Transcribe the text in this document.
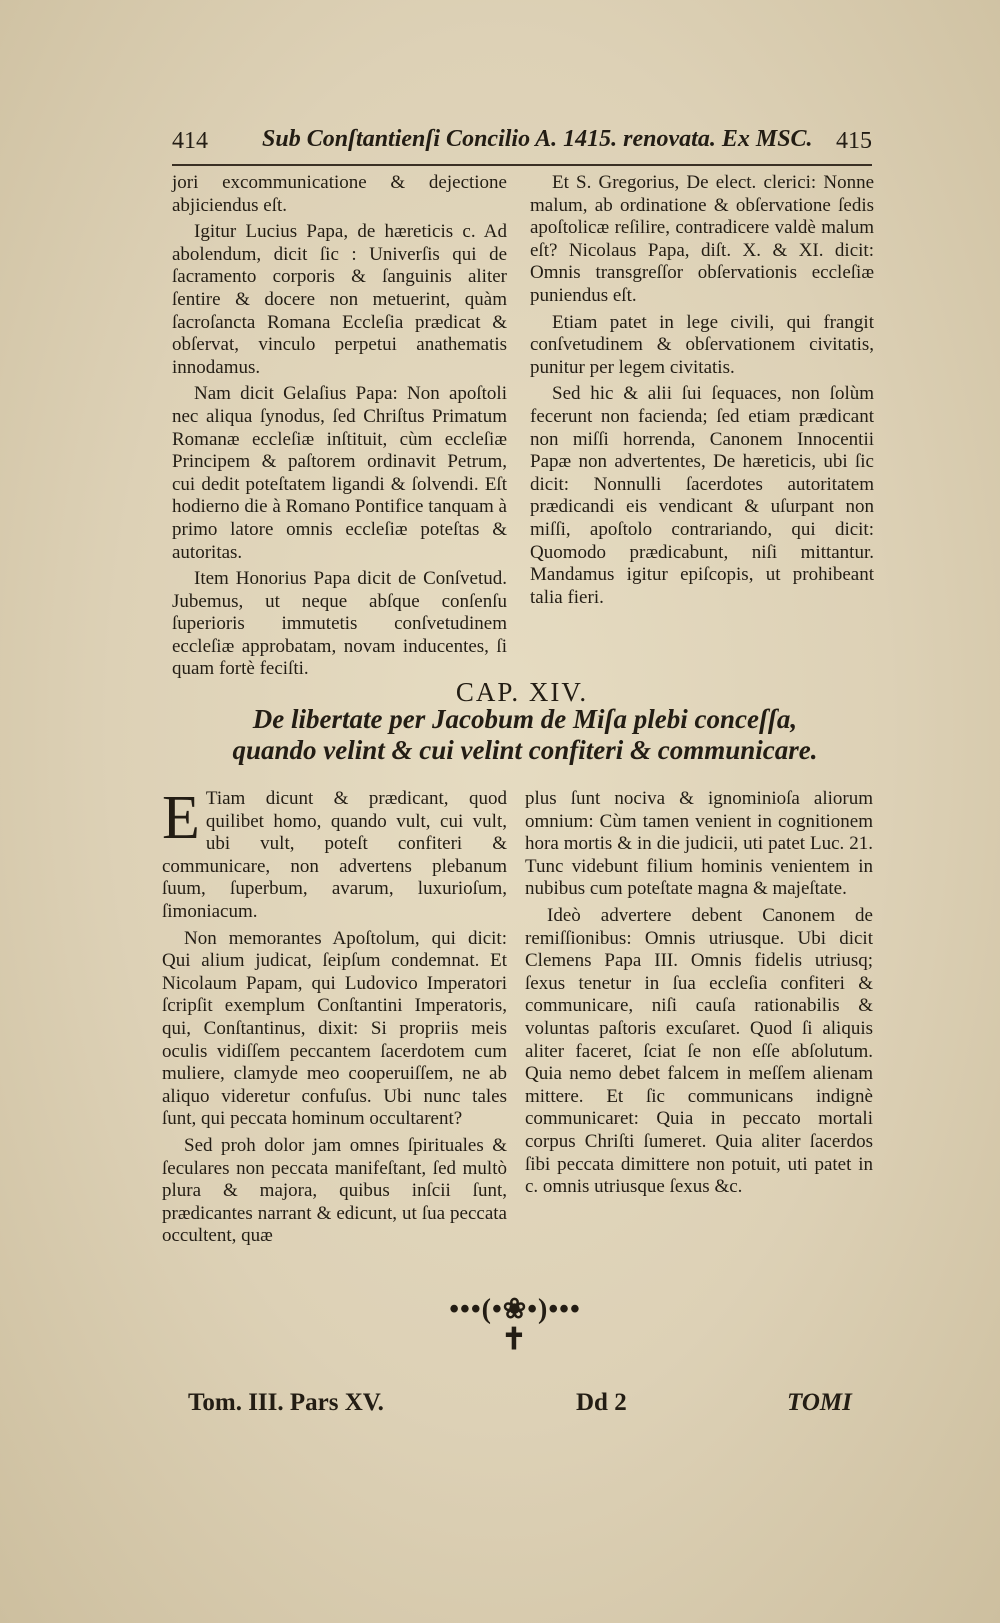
414 Sub Conſtantienſi Concilio A. 1415. renovata. Ex MSC. 415

jori excommunicatione & dejectione abjiciendus eſt.

Igitur Lucius Papa, de hæreticis c. Ad abolendum, dicit ſic : Univerſis qui de ſacramento corporis & ſanguinis aliter ſentire & docere non metuerint, quàm ſacroſancta Romana Eccleſia prædicat & obſervat, vinculo perpetui anathematis innodamus.

Nam dicit Gelaſius Papa: Non apoſtoli nec aliqua ſynodus, ſed Chriſtus Primatum Romanæ eccleſiæ inſtituit, cùm eccleſiæ Principem & paſtorem ordinavit Petrum, cui dedit poteſtatem ligandi & ſolvendi. Eſt hodierno die à Romano Pontifice tanquam à primo latore omnis eccleſiæ poteſtas & autoritas.

Item Honorius Papa dicit de Conſvetud. Jubemus, ut neque abſque conſenſu ſuperioris immutetis conſvetudinem eccleſiæ approbatam, novam inducentes, ſi quam fortè feciſti.

Et S. Gregorius, De elect. clerici: Nonne malum, ab ordinatione & obſervatione ſedis apoſtolicæ reſilire, contradicere valdè malum eſt? Nicolaus Papa, diſt. X. & XI. dicit: Omnis transgreſſor obſervationis eccleſiæ puniendus eſt.

Etiam patet in lege civili, qui frangit conſvetudinem & obſervationem civitatis, punitur per legem civitatis.

Sed hic & alii ſui ſequaces, non ſolùm fecerunt non facienda; ſed etiam prædicant non miſſi horrenda, Canonem Innocentii Papæ non advertentes, De hæreticis, ubi ſic dicit: Nonnulli ſacerdotes autoritatem prædicandi eis vendicant & uſurpant non miſſi, apoſtolo contrariando, qui dicit: Quomodo prædicabunt, niſi mittantur. Mandamus igitur epiſcopis, ut prohibeant talia fieri.

CAP. XIV.
De libertate per Jacobum de Miſa plebi conceſſa, quando velint & cui velint confiteri & communicare.
E Tiam dicunt & prædicant, quod quilibet homo, quando vult, cui vult, ubi vult, poteſt confiteri & communicare, non advertens plebanum ſuum, ſuperbum, avarum, luxurioſum, ſimoniacum.

Non memorantes Apoſtolum, qui dicit: Qui alium judicat, ſeipſum condemnat. Et Nicolaum Papam, qui Ludovico Imperatori ſcripſit exemplum Conſtantini Imperatoris, qui, Conſtantinus, dixit: Si propriis meis oculis vidiſſem peccantem ſacerdotem cum muliere, clamyde meo cooperuiſſem, ne ab aliquo videretur confuſus. Ubi nunc tales ſunt, qui peccata hominum occultarent?

Sed proh dolor jam omnes ſpirituales & ſeculares non peccata manifeſtant, ſed multò plura & majora, quibus inſcii ſunt, prædicantes narrant & edicunt, ut ſua peccata occultent, quæ

plus ſunt nociva & ignominioſa aliorum omnium: Cùm tamen venient in cognitionem hora mortis & in die judicii, uti patet Luc. 21. Tunc videbunt filium hominis venientem in nubibus cum poteſtate magna & majeſtate.

Ideò advertere debent Canonem de remiſſionibus: Omnis utriusque. Ubi dicit Clemens Papa III. Omnis fidelis utriusq; ſexus tenetur in ſua eccleſia confiteri & communicare, niſi cauſa rationabilis & voluntas paſtoris excuſaret. Quod ſi aliquis aliter faceret, ſciat ſe non eſſe abſolutum. Quia nemo debet falcem in meſſem alienam mittere. Et ſic communicans indignè communicaret: Quia in peccato mortali corpus Chriſti ſumeret. Quia aliter ſacerdos ſibi peccata dimittere non potuit, uti patet in c. omnis utriusque ſexus &c.

•••(•❀•)•••
✝
Tom. III. Pars XV.	Dd 2	TOMI
